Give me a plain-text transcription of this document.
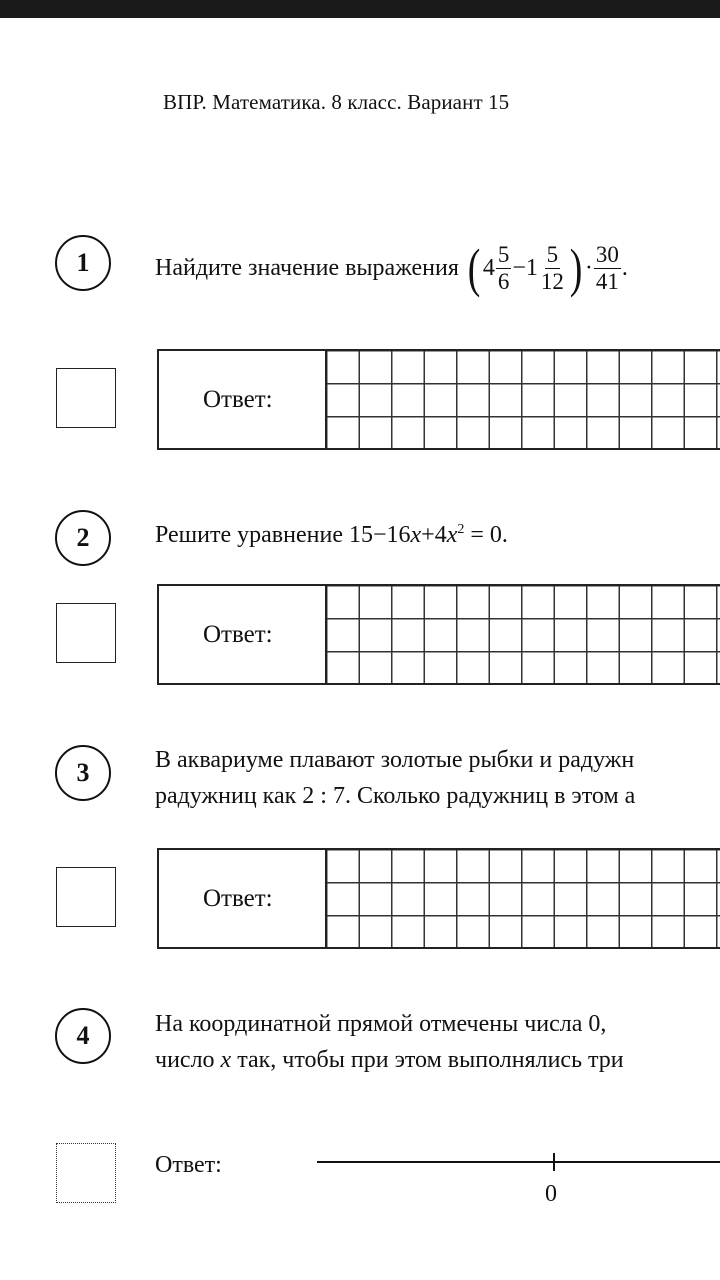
ВПР. Математика. 8 класс. Вариант 15
1	Найдите значение выражения
( $4 \frac{5}{6} - 1 \frac{5}{12}$ ) · $\frac{30}{41}$ .
Ответ:
2	Решите уравнение $15-16x+4x^2 = 0$.
Ответ:
3	В аквариуме плавают золотые рыбки и радужн
радужниц как 2 : 7. Сколько радужниц в этом а
Ответ:
4	На координатной прямой отмечены числа 0,
число x так, чтобы при этом выполнялись три
Ответ:
0
